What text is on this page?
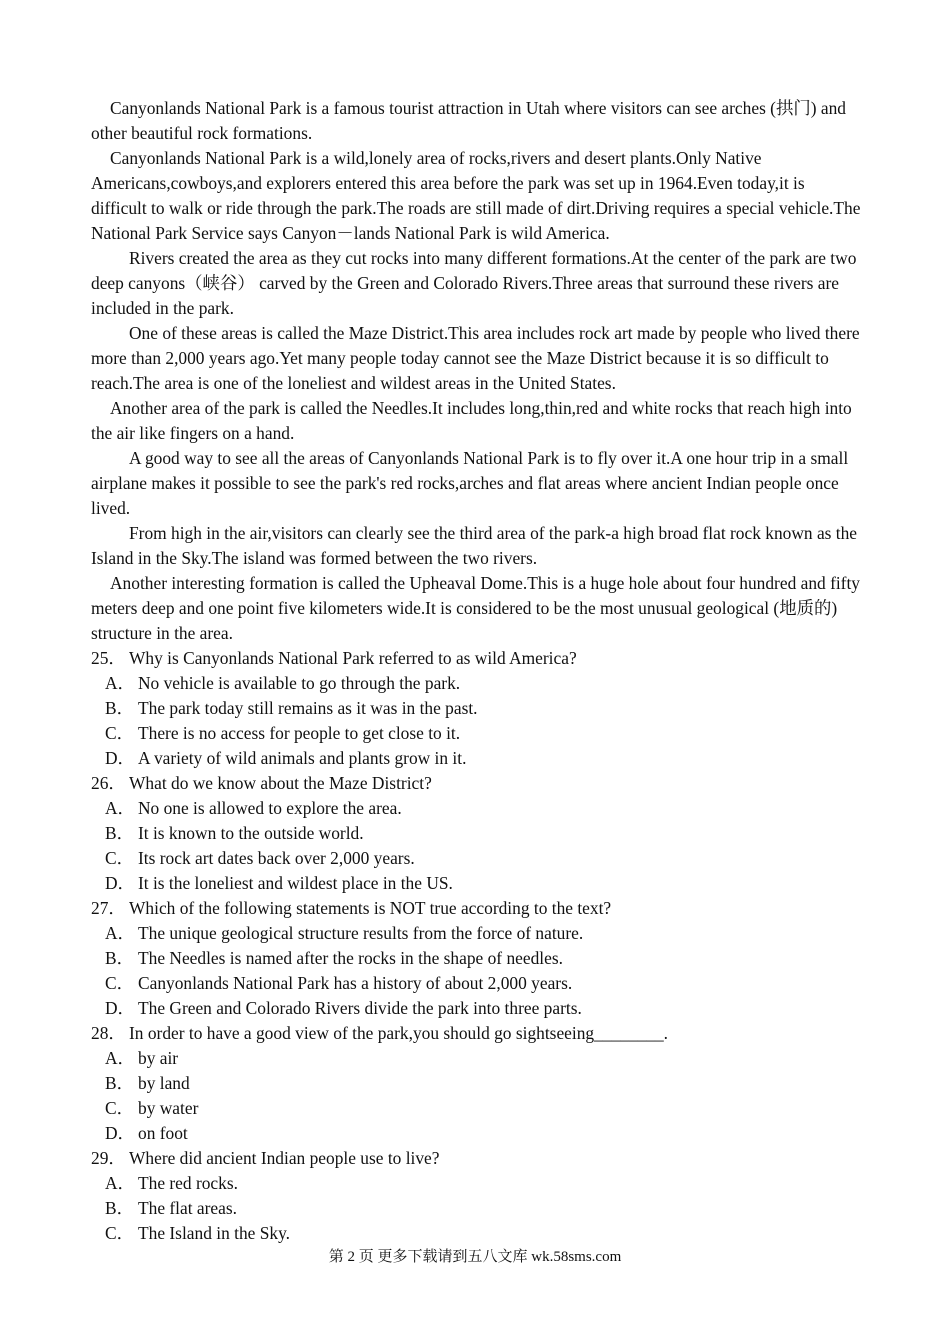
Canyonlands National Park is a famous tourist attraction in Utah where visitors can see arches (拱门) and other beautiful rock formations.

Canyonlands National Park is a wild,lonely area of rocks,rivers and desert plants.Only Native Americans,cowboys,and explorers entered this area before the park was set up in 1964.Even today,it is difficult to walk or ride through the park.The roads are still made of dirt.Driving requires a special vehicle.The National Park Service says Canyon－lands National Park is wild America.

Rivers created the area as they cut rocks into many different formations.At the center of the park are two deep canyons（峡谷） carved by the Green and Colorado Rivers.Three areas that surround these rivers are included in the park.

One of these areas is called the Maze District.This area includes rock art made by people who lived there more than 2,000 years ago.Yet many people today cannot see the Maze District because it is so difficult to reach.The area is one of the loneliest and wildest areas in the United States.

Another area of the park is called the Needles.It includes long,thin,red and white rocks that reach high into the air like fingers on a hand.

A good way to see all the areas of Canyonlands National Park is to fly over it.A one hour trip in a small airplane makes it possible to see the park's red rocks,arches and flat areas where ancient Indian people once lived.

From high in the air,visitors can clearly see the third area of the park-a high broad flat rock known as the Island in the Sky.The island was formed between the two rivers.

Another interesting formation is called the Upheaval Dome.This is a huge hole about four hundred and fifty meters deep and one point five kilometers wide.It is considered to be the most unusual geological (地质的) structure in the area.

25． Why is Canyonlands National Park referred to as wild America?

A． No vehicle is available to go through the park.

B． The park today still remains as it was in the past.

C． There is no access for people to get close to it.

D． A variety of wild animals and plants grow in it.

26． What do we know about the Maze District?

A． No one is allowed to explore the area.

B． It is known to the outside world.

C． Its rock art dates back over 2,000 years.

D． It is the loneliest and wildest place in the US.

27． Which of the following statements is NOT true according to the text?

A． The unique geological structure results from the force of nature.

B． The Needles is named after the rocks in the shape of needles.

C． Canyonlands National Park has a history of about 2,000 years.

D． The Green and Colorado Rivers divide the park into three parts.

28． In order to have a good view of the park,you should go sightseeing________.

A． by air

B． by land

C． by water

D． on foot

29． Where did ancient Indian people use to live?

A． The red rocks.

B． The flat areas.

C． The Island in the Sky.

第 2 页 更多下载请到五八文库 wk.58sms.com
